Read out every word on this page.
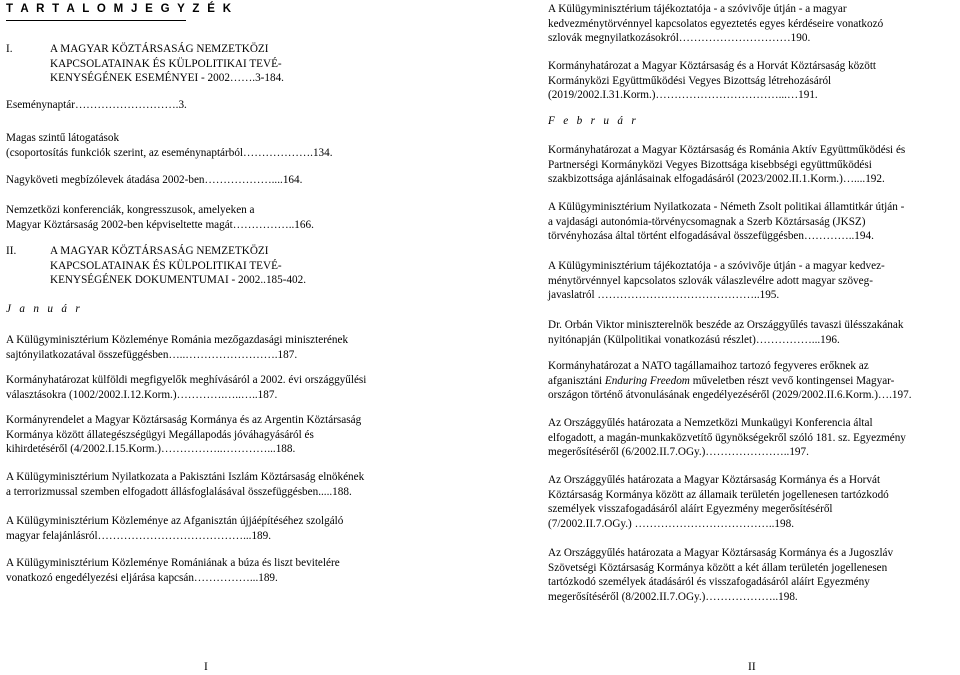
T A R T A L O M J E G Y Z É K
I.	A MAGYAR KÖZTÁRSASÁG NEMZETKÖZI
KAPCSOLATAINAK ÉS KÜLPOLITIKAI TEVÉ-
KENYSÉGÉNEK ESEMÉNYEI - 2002…….3-184.
Eseménynaptár……………………….3.
Magas szintű látogatások
(csoportosítás funkciók szerint, az eseménynaptárból……………….134.
Nagyköveti megbízólevek átadása 2002-ben………………....164.
Nemzetközi konferenciák, kongresszusok, amelyeken a
Magyar Köztársaság 2002-ben képviseltette magát……………..166.
II.	A MAGYAR KÖZTÁRSASÁG NEMZETKÖZI
KAPCSOLATAINAK ÉS KÜLPOLITIKAI TEVÉ-
KENYSÉGÉNEK DOKUMENTUMAI - 2002..185-402.
J a n u á r
A Külügyminisztérium Közleménye Románia mezőgazdasági miniszterének
sajtónyilatkozatával összefüggésben…..…………………….187.
Kormányhatározat külföldi megfigyelők meghívásáról a 2002. évi országgyűlési
választásokra (1002/2002.I.12.Korm.)………….…..…..187.
Kormányrendelet a Magyar Köztársaság Kormánya és az Argentin Köztársaság
Kormánya között állategészségügyi Megállapodás jóváhagyásáról és
kihirdetéséről (4/2002.I.15.Korm.)……………..…………...188.
A Külügyminisztérium Nyilatkozata a Pakisztáni Iszlám Köztársaság elnökének
a terrorizmussal szemben elfogadott állásfoglalásával összefüggésben.....188.
A Külügyminisztérium Közleménye az Afganisztán újjáépítéséhez szolgáló
magyar felajánlásról…………………………………...189.
A Külügyminisztérium Közleménye Romániának a búza és liszt bevitelére
vonatkozó engedélyezési eljárása kapcsán……………...189.
I
A Külügyminisztérium tájékoztatója - a szóvivője útján - a magyar
kedvezménytörvénnyel kapcsolatos egyeztetés egyes kérdéseire vonatkozó
szlovák megnyilatkozásokról…………………………190.
Kormányhatározat a Magyar Köztársaság és a Horvát Köztársaság között
Kormányközi Együttműködési Vegyes Bizottság létrehozásáról
(2019/2002.I.31.Korm.)……………………………...…191.
F e b r u á r
Kormányhatározat a Magyar Köztársaság és Románia Aktív Együttműködési és
Partnerségi Kormányközi Vegyes Bizottsága kisebbségi együttműködési
szakbizottsága ajánlásainak elfogadásáról (2023/2002.II.1.Korm.)…....192.
A Külügyminisztérium Nyilatkozata - Németh Zsolt politikai államtitkár útján -
a vajdasági autonómia-törvénycsomagnak a Szerb Köztársaság (JKSZ)
törvényhozása által történt elfogadásával összefüggésben…………..194.
A Külügyminisztérium tájékoztatója - a szóvivője útján - a magyar kedvez-
ménytörvénnyel kapcsolatos szlovák válaszlevélre adott magyar szöveg-
javaslatról ……………………………………..195.
Dr. Orbán Viktor miniszterelnök beszéde az Országgyűlés tavaszi ülésszakának
nyitónapján (Külpolitikai vonatkozású részlet)……………...196.
Kormányhatározat a NATO tagállamaihoz tartozó fegyveres erőknek az
afganisztáni Enduring Freedom műveletben részt vevő kontingensei Magyar-
országon történő átvonulásának engedélyezéséről (2029/2002.II.6.Korm.)….197.
Az Országgyűlés határozata a Nemzetközi Munkaügyi Konferencia által
elfogadott, a magán-munkaközvetítő ügynökségekről szóló 181. sz. Egyezmény
megerősítéséről (6/2002.II.7.OGy.)…………………..197.
Az Országgyűlés határozata a Magyar Köztársaság Kormánya és a Horvát
Köztársaság Kormánya között az államaik területén jogellenesen tartózkodó
személyek visszafogadásáról aláírt Egyezmény megerősítéséről
(7/2002.II.7.OGy.) ………………………………..198.
Az Országgyűlés határozata a Magyar Köztársaság Kormánya és a Jugoszláv
Szövetségi Köztársaság Kormánya között a két állam területén jogellenesen
tartózkodó személyek átadásáról és visszafogadásáról aláírt Egyezmény
megerősítéséről (8/2002.II.7.OGy.)………………..198.
II
